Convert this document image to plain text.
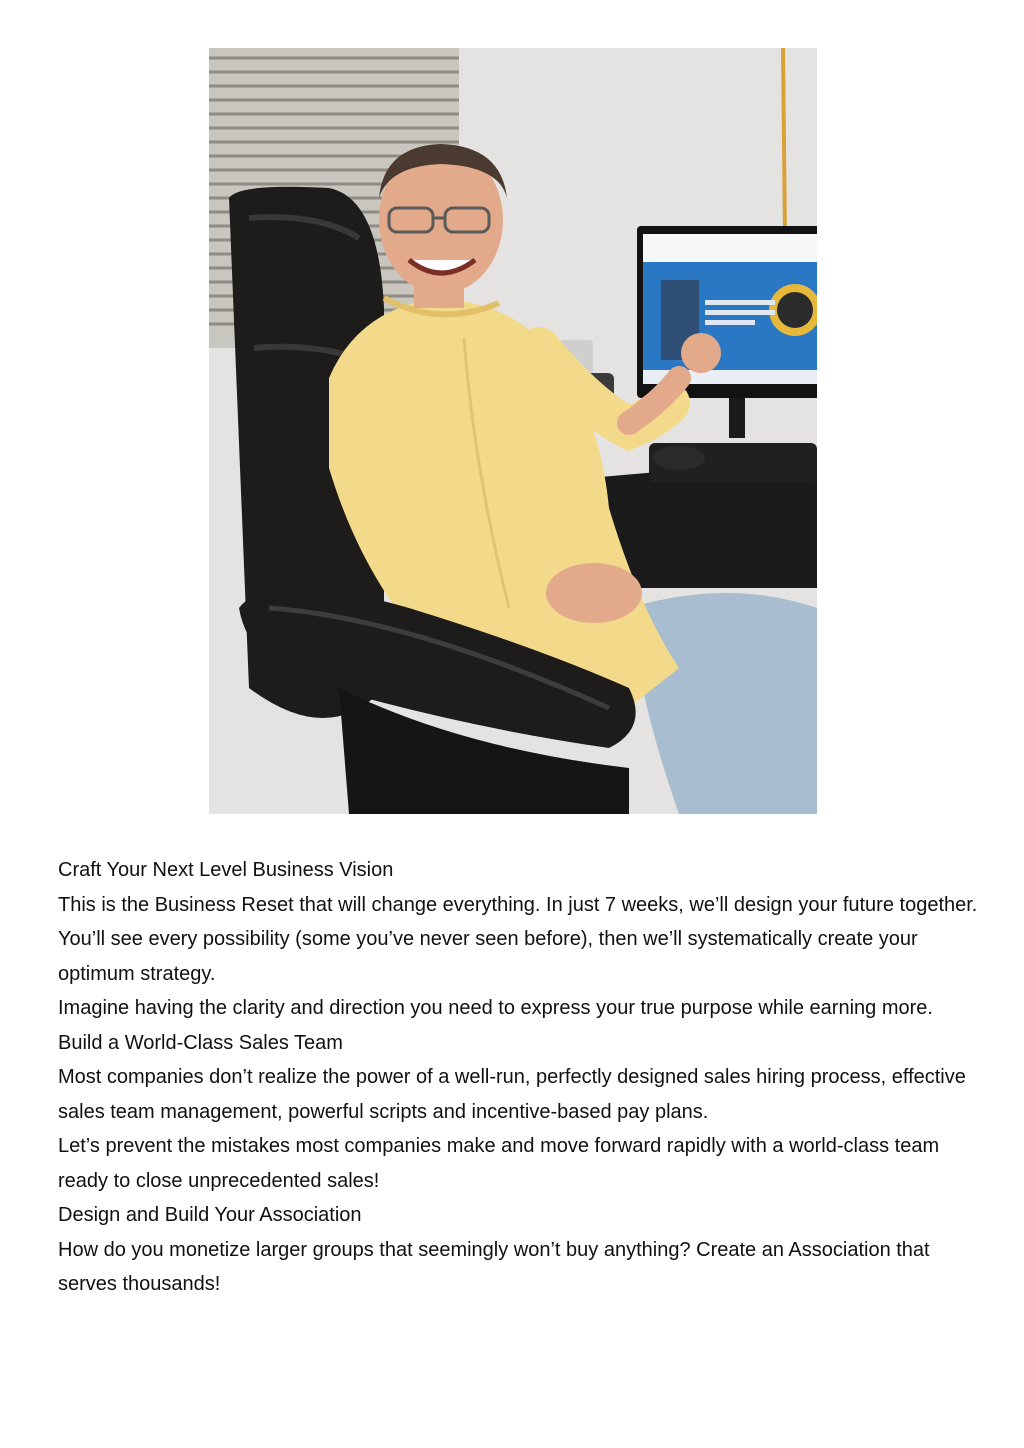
Craft Your Next Level Business Vision

This is the Business Reset that will change everything. In just 7 weeks, we’ll design your future together. You’ll see every possibility (some you’ve never seen before), then we’ll systematically create your optimum strategy.

Imagine having the clarity and direction you need to express your true purpose while earning more.

Build a World-Class Sales Team

Most companies don’t realize the power of a well-run, perfectly designed sales hiring process, effective sales team management, powerful scripts and incentive-based pay plans.

Let’s prevent the mistakes most companies make and move forward rapidly with a world-class team ready to close unprecedented sales!

Design and Build Your Association

How do you monetize larger groups that seemingly won’t buy anything? Create an Association that serves thousands!
